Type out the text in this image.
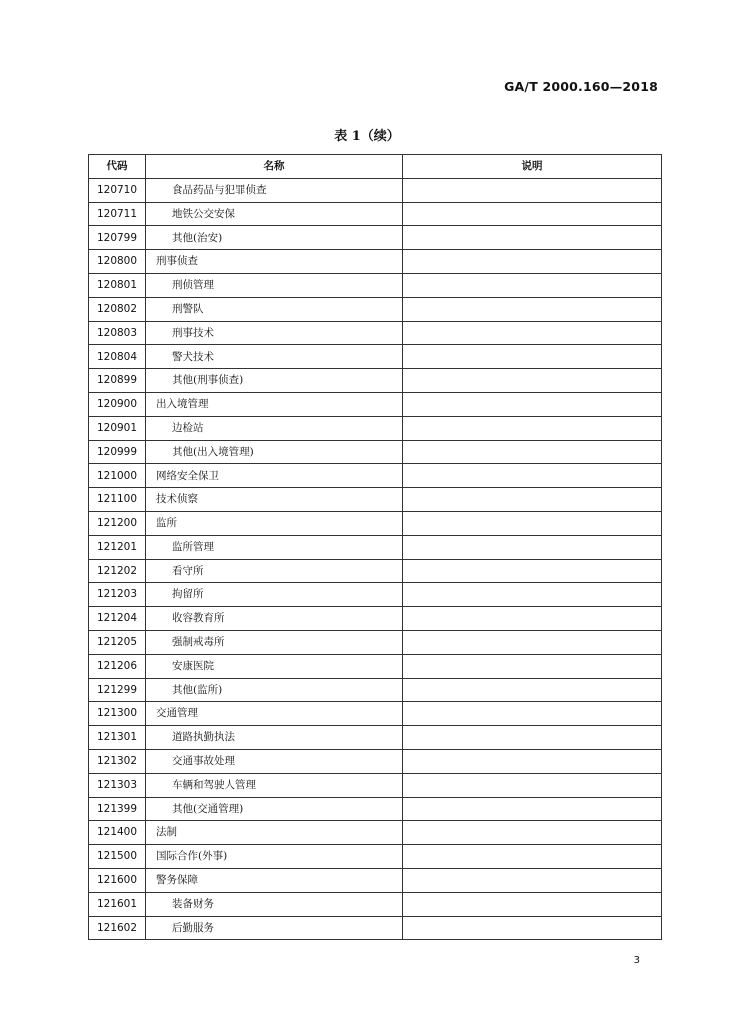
GA/T 2000.160—2018
表 1（续）
代码	名称	说明
120710	食品药品与犯罪侦查	
120711	地铁公交安保	
120799	其他(治安)	
120800	刑事侦查	
120801	刑侦管理	
120802	刑警队	
120803	刑事技术	
120804	警犬技术	
120899	其他(刑事侦查)	
120900	出入境管理	
120901	边检站	
120999	其他(出入境管理)	
121000	网络安全保卫	
121100	技术侦察	
121200	监所	
121201	监所管理	
121202	看守所	
121203	拘留所	
121204	收容教育所	
121205	强制戒毒所	
121206	安康医院	
121299	其他(监所)	
121300	交通管理	
121301	道路执勤执法	
121302	交通事故处理	
121303	车辆和驾驶人管理	
121399	其他(交通管理)	
121400	法制	
121500	国际合作(外事)	
121600	警务保障	
121601	装备财务	
121602	后勤服务	
3
